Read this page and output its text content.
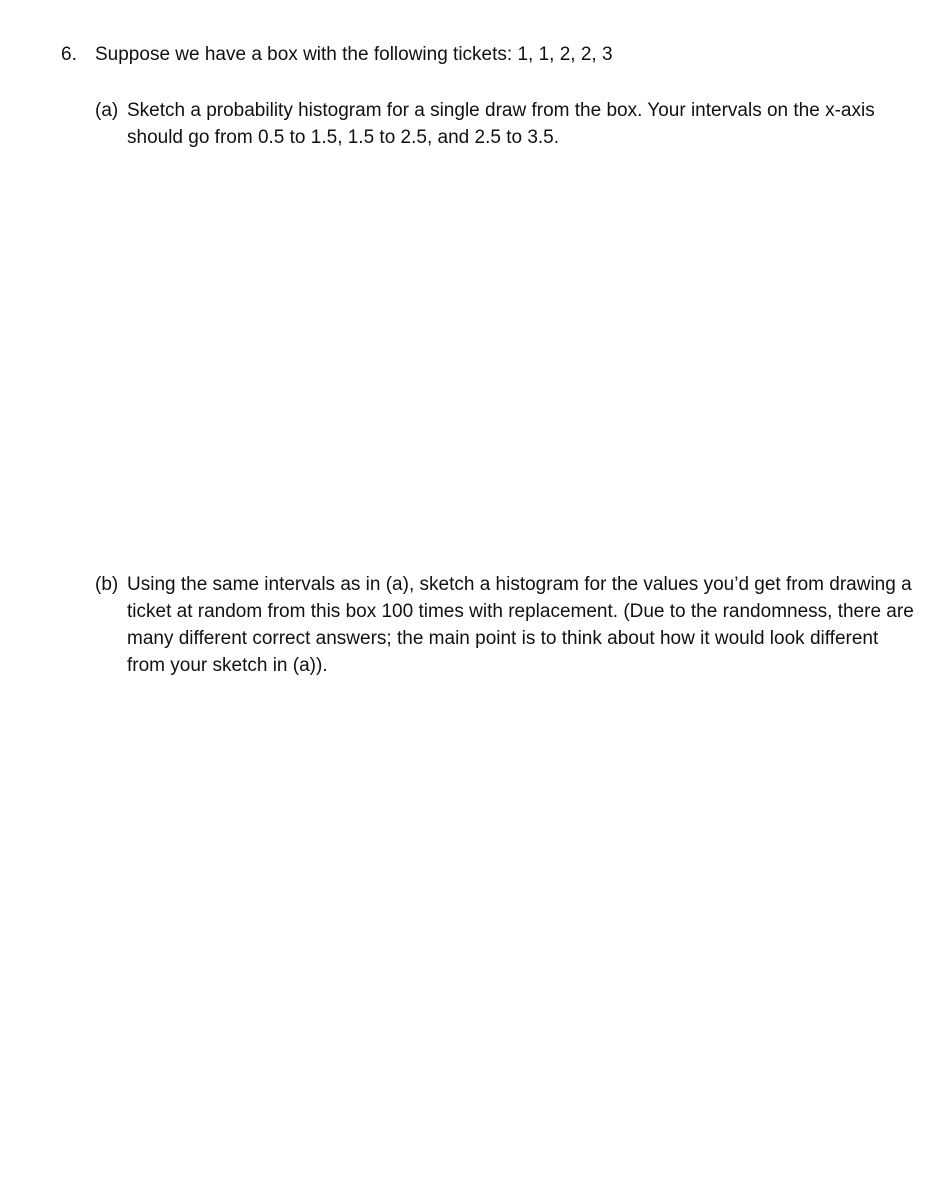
6. Suppose we have a box with the following tickets: 1, 1, 2, 2, 3
(a) Sketch a probability histogram for a single draw from the box. Your intervals on the x-axis should go from 0.5 to 1.5, 1.5 to 2.5, and 2.5 to 3.5.
(b) Using the same intervals as in (a), sketch a histogram for the values you’d get from drawing a ticket at random from this box 100 times with replacement. (Due to the randomness, there are many different correct answers; the main point is to think about how it would look different from your sketch in (a)).
